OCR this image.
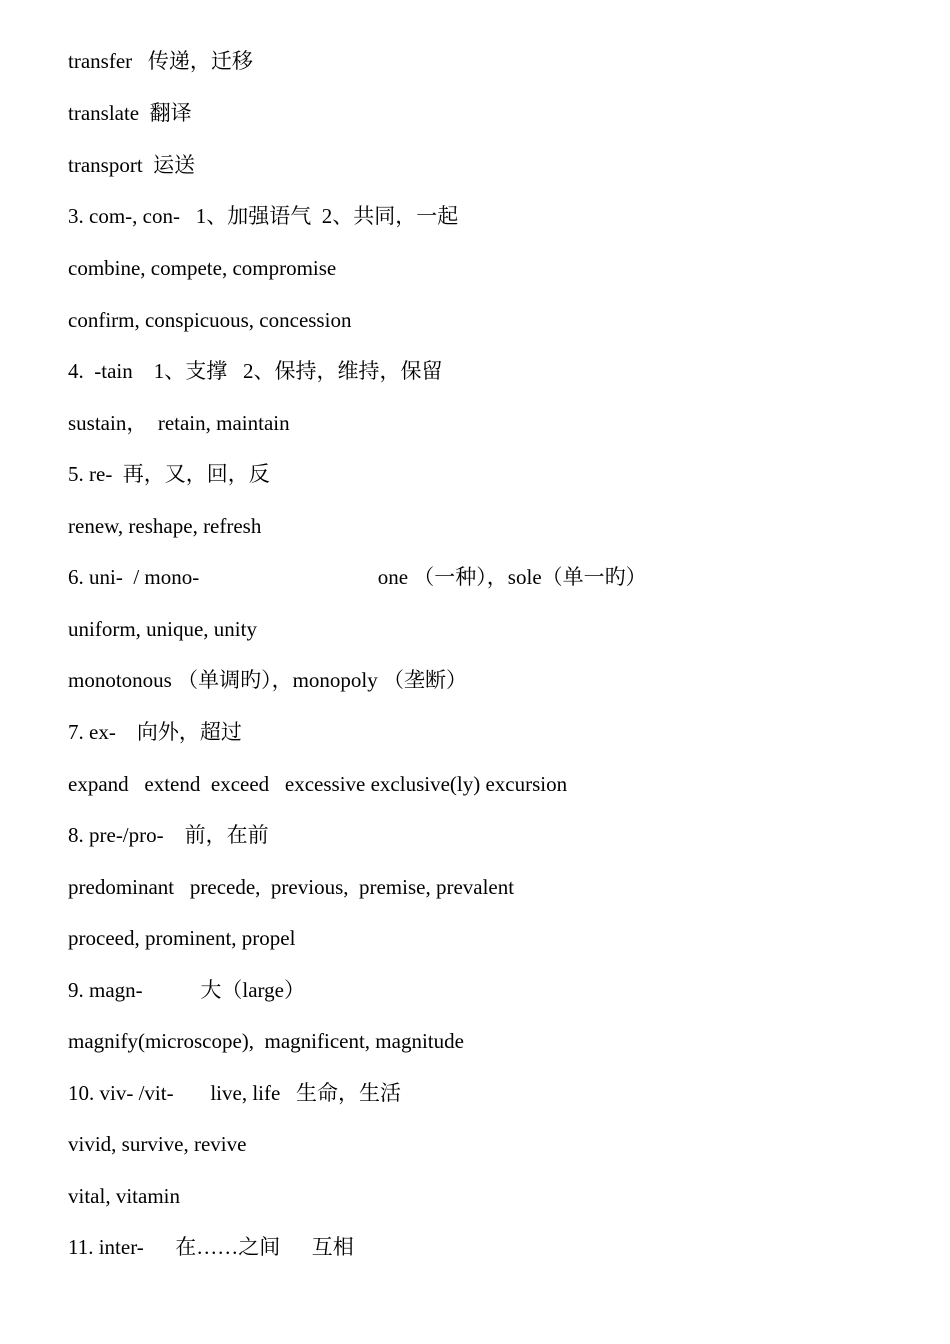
transfer   传递，迁移
translate  翻译
transport  运送
3. com-, con-   1、加强语气  2、共同，一起
combine, compete, compromise
confirm, conspicuous, concession
4.  -tain    1、支撑   2、保持，维持，保留
sustain，  retain, maintain
5. re-  再，又，回，反
renew, reshape, refresh
6. uni-  / mono-                                  one （一种），sole（单一旳）
uniform, unique, unity
monotonous （单调旳），monopoly （垄断）
7. ex-    向外，超过
expand   extend  exceed   excessive exclusive(ly) excursion
8. pre-/pro-    前，在前
predominant   precede,  previous,  premise, prevalent
proceed, prominent, propel
9. magn-           大（large）
magnify(microscope),  magnificent, magnitude
10. viv- /vit-       live, life   生命，生活
vivid, survive, revive
vital, vitamin
11. inter-      在……之间      互相
